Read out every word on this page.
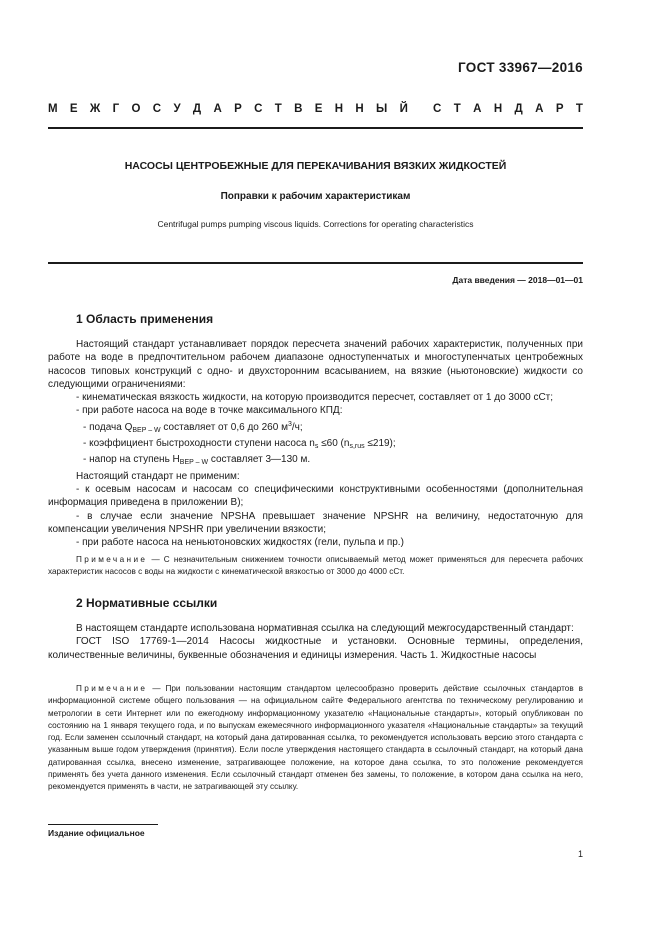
ГОСТ 33967—2016
М Е Ж Г О С У Д А Р С Т В Е Н Н Ы Й С Т А Н Д А Р Т
НАСОСЫ ЦЕНТРОБЕЖНЫЕ ДЛЯ ПЕРЕКАЧИВАНИЯ ВЯЗКИХ ЖИДКОСТЕЙ
Поправки к рабочим характеристикам
Centrifugal pumps pumping viscous liquids. Corrections for operating characteristics
Дата введения — 2018—01—01
1 Область применения

Настоящий стандарт устанавливает порядок пересчета значений рабочих характеристик, полученных при работе на воде в предпочтительном рабочем диапазоне одноступенчатых и многоступенчатых центробежных насосов типовых конструкций с одно- и двухсторонним всасыванием, на вязкие (ньютоновские) жидкости со следующими ограничениями:

- кинематическая вязкость жидкости, на которую производится пересчет, составляет от 1 до 3000 сСт;

- при работе насоса на воде в точке максимального КПД:

- подача $Q_{BEP - W}$ составляет от 0,6 до 260 $м^3/ч$;

- коэффициент быстроходности ступени насоса $n_s \le 60$ $(n_{s,rus} \le 219)$;

- напор на ступень $H_{BEP - W}$ составляет 3—130 м.

Настоящий стандарт не применим:

- к осевым насосам и насосам со специфическими конструктивными особенностями (дополнительная информация приведена в приложении В);

- в случае если значение NPSHA превышает значение NPSHR на величину, недостаточную для компенсации увеличения NPSHR при увеличении вязкости;

- при работе насоса на неньютоновских жидкостях (гели, пульпа и пр.)

Примечание — С незначительным снижением точности описываемый метод может применяться для пересчета рабочих характеристик насосов с воды на жидкости с кинематической вязкостью от 3000 до 4000 сСт.

2 Нормативные ссылки

В настоящем стандарте использована нормативная ссылка на следующий межгосударственный стандарт:

ГОСТ ISO 17769-1—2014 Насосы жидкостные и установки. Основные термины, определения, количественные величины, буквенные обозначения и единицы измерения. Часть 1. Жидкостные насосы

Примечание — При пользовании настоящим стандартом целесообразно проверить действие ссылочных стандартов в информационной системе общего пользования — на официальном сайте Федерального агентства по техническому регулированию и метрологии в сети Интернет или по ежегодному информационному указателю «Национальные стандарты», который опубликован по состоянию на 1 января текущего года, и по выпускам ежемесячного информационного указателя «Национальные стандарты» за текущий год. Если заменен ссылочный стандарт, на который дана датированная ссылка, то рекомендуется использовать версию этого стандарта с указанным выше годом утверждения (принятия). Если после утверждения настоящего стандарта в ссылочный стандарт, на который дана датированная ссылка, внесено изменение, затрагивающее положение, на которое дана ссылка, то это положение рекомендуется применять без учета данного изменения. Если ссылочный стандарт отменен без замены, то положение, в котором дана ссылка на него, рекомендуется применять в части, не затрагивающей эту ссылку.

Издание официальное
1
